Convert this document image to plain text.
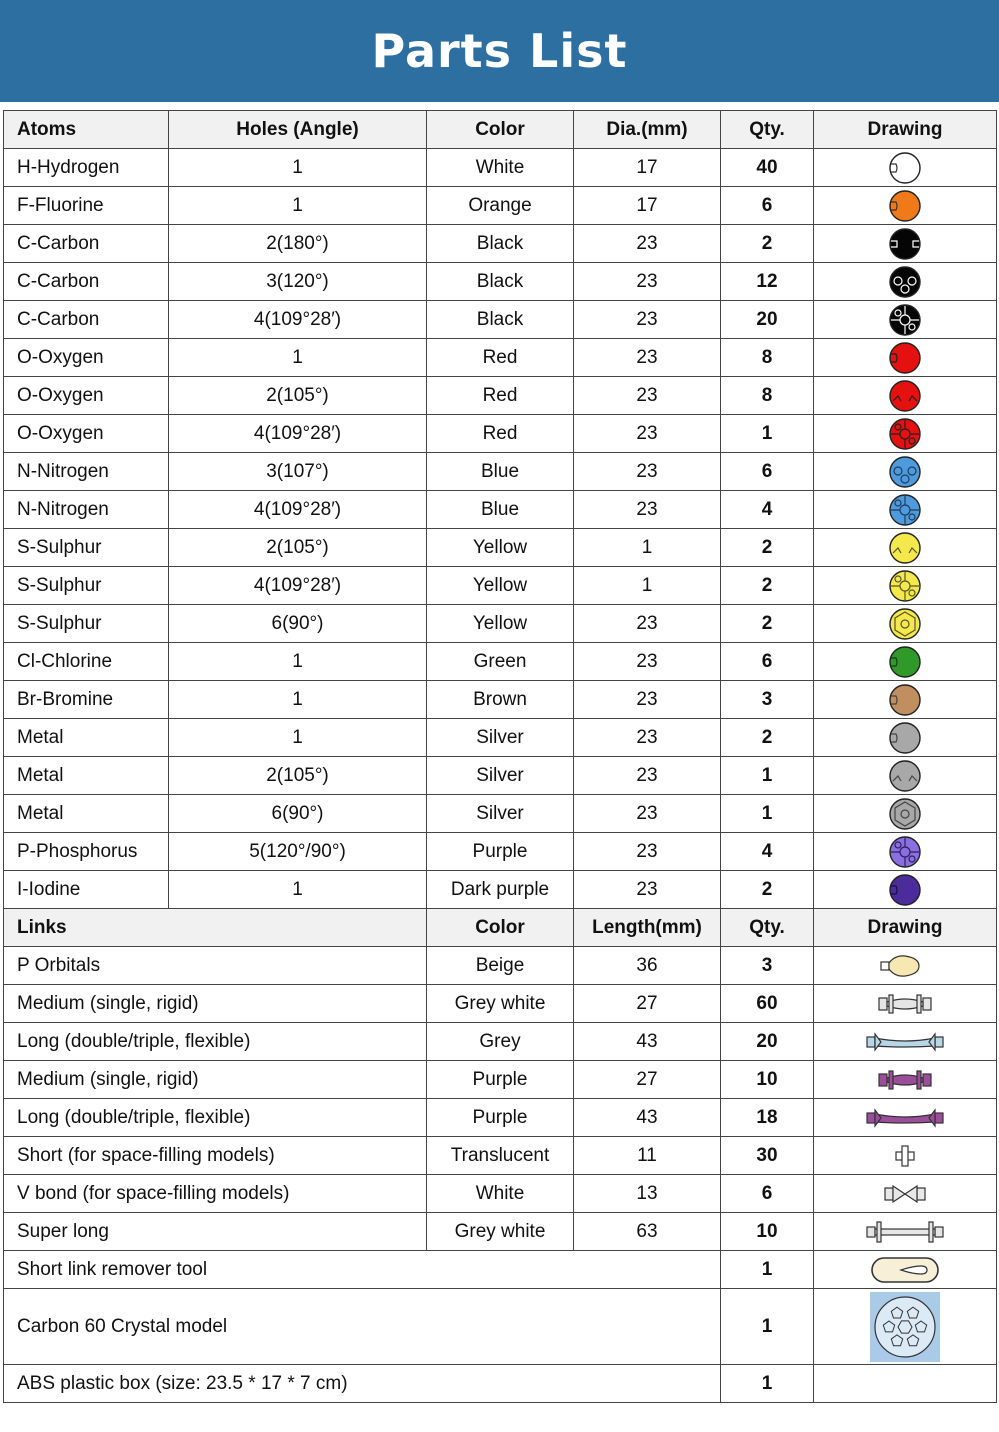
Parts List
Atoms	Holes (Angle)	Color	Dia.(mm)	Qty.	Drawing
H-Hydrogen	1	White	17	40	

F-Fluorine	1	Orange	17	6	

C-Carbon	2(180°)	Black	23	2	

C-Carbon	3(120°)	Black	23	12	

C-Carbon	4(109°28′)	Black	23	20	

O-Oxygen	1	Red	23	8	

O-Oxygen	2(105°)	Red	23	8	

O-Oxygen	4(109°28′)	Red	23	1	

N-Nitrogen	3(107°)	Blue	23	6	

N-Nitrogen	4(109°28′)	Blue	23	4	

S-Sulphur	2(105°)	Yellow	1	2	

S-Sulphur	4(109°28′)	Yellow	1	2	

S-Sulphur	6(90°)	Yellow	23	2	

Cl-Chlorine	1	Green	23	6	

Br-Bromine	1	Brown	23	3	

Metal	1	Silver	23	2	

Metal	2(105°)	Silver	23	1	

Metal	6(90°)	Silver	23	1	

P-Phosphorus	5(120°/90°)	Purple	23	4	

I-Iodine	1	Dark purple	23	2	

Links		Color	Length(mm)	Qty.	Drawing
P Orbitals		Beige	36	3	

Medium (single, rigid)		Grey white	27	60	

Long (double/triple, flexible)		Grey	43	20	

Medium (single, rigid)		Purple	27	10	

Long (double/triple, flexible)		Purple	43	18	

Short (for space-filling models)		Translucent	11	30	

V bond (for space-filling models)		White	13	6	

Super long		Grey white	63	10	

Short link remover tool				1	

Carbon 60 Crystal model				1	

ABS plastic box (size: 23.5 * 17 * 7 cm)				1	
